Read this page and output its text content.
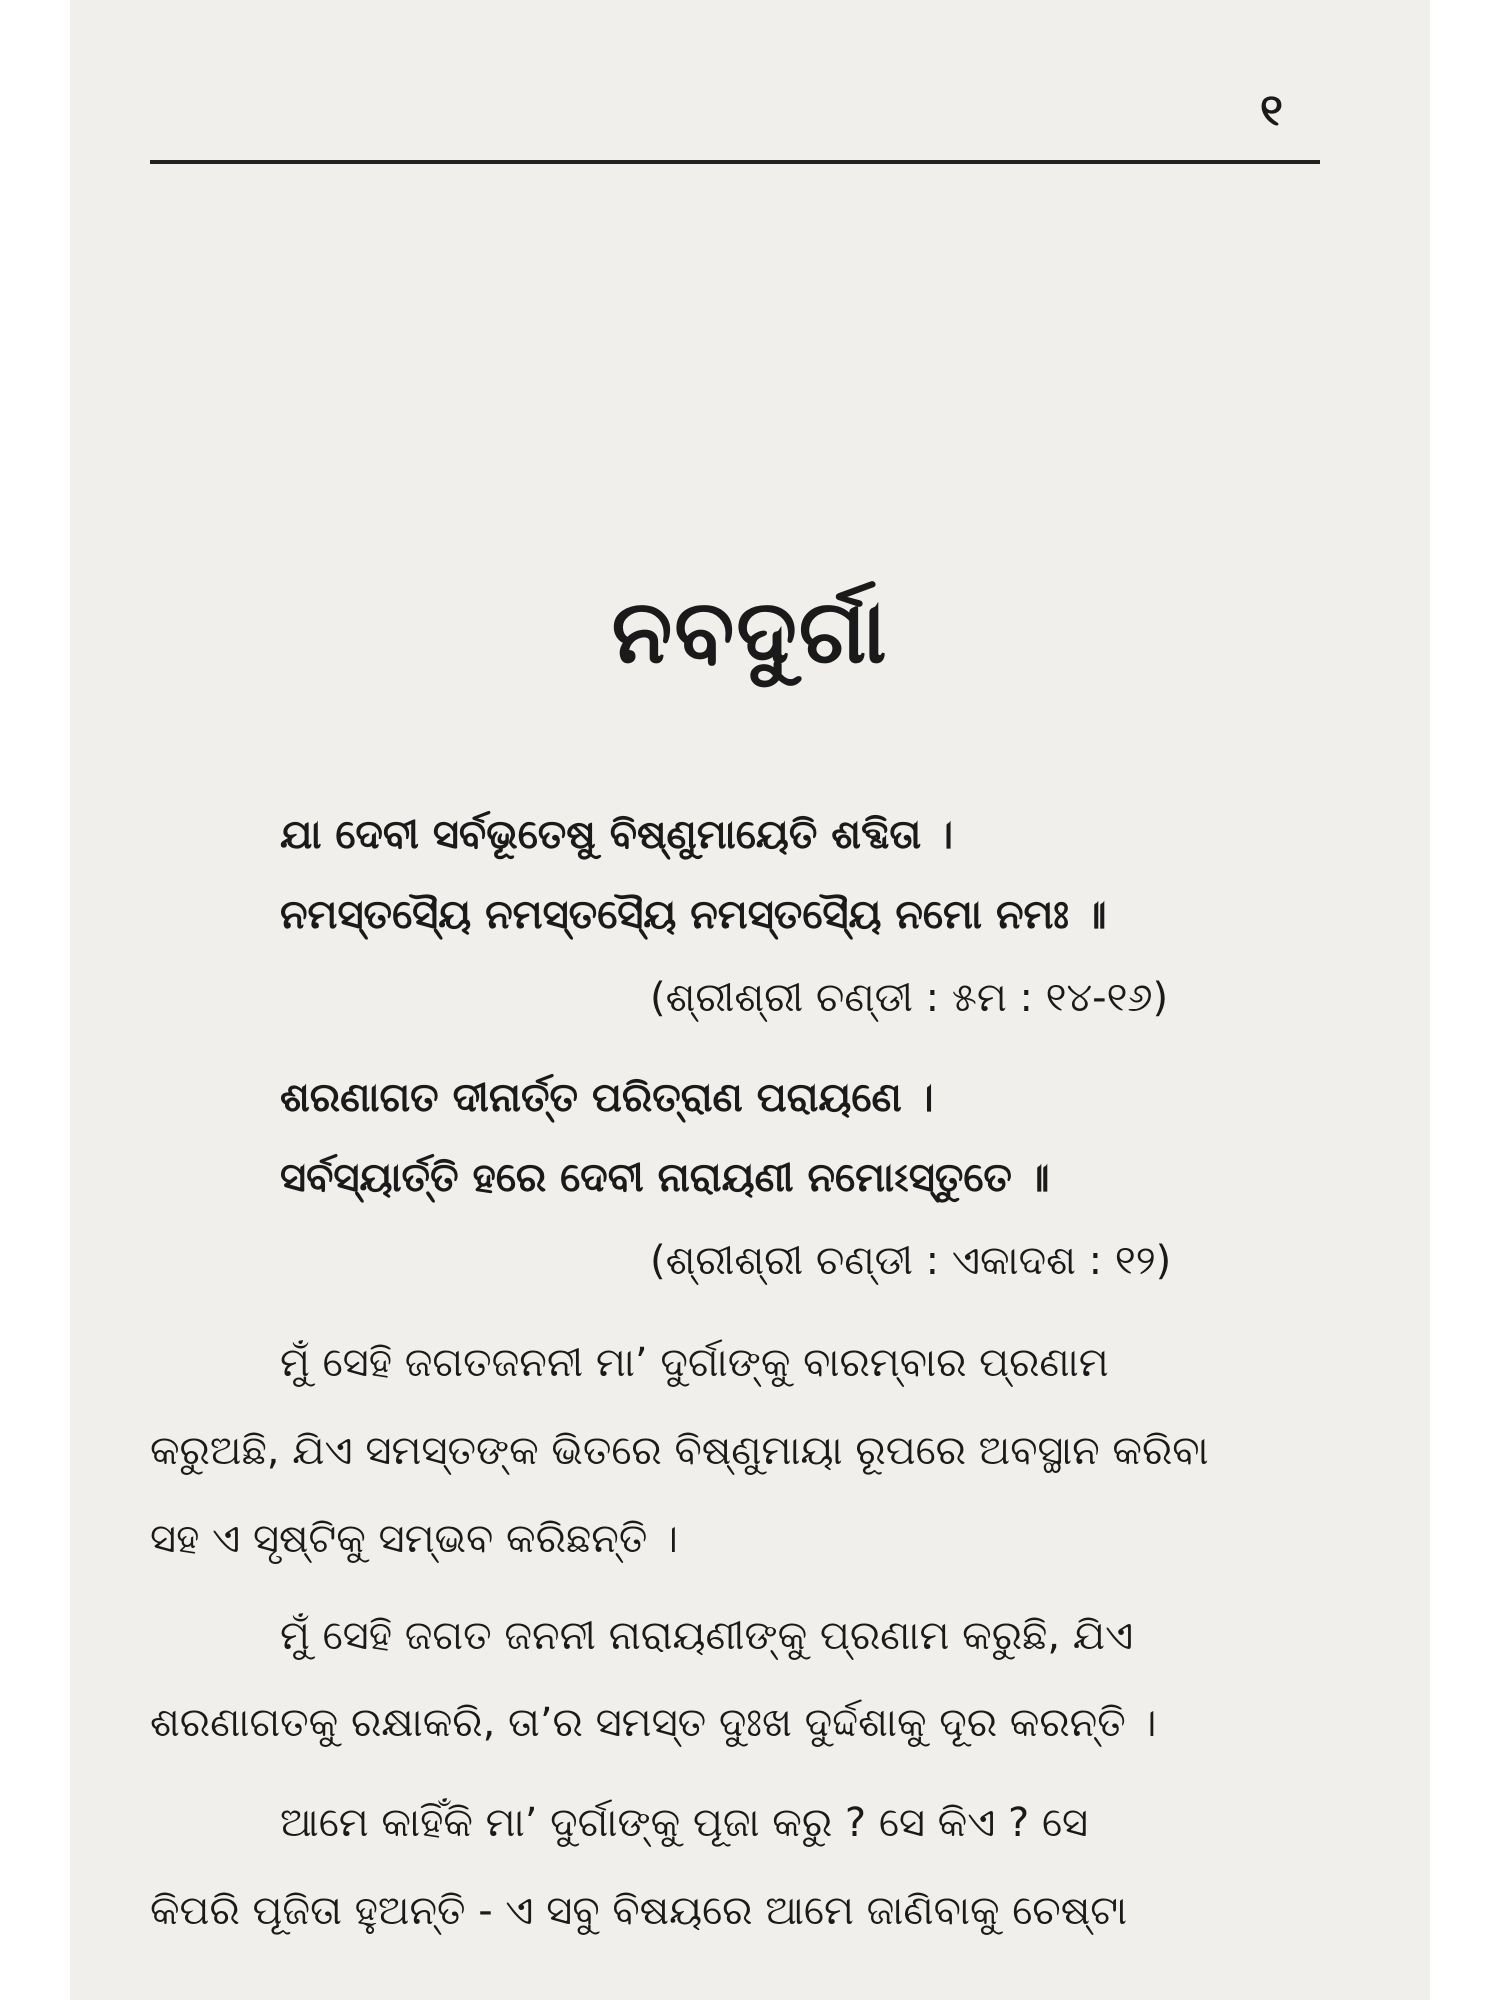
୧
ନବଦୁର୍ଗା
ଯା ଦେବୀ ସର୍ବଭୂତେଷୁ ବିଷ୍ଣୁମାୟେତି ଶବ୍ଦିତା ।
ନମସ୍ତସ୍ୟୈ ନମସ୍ତସ୍ୟୈ ନମସ୍ତସ୍ୟୈ ନମୋ ନମଃ ॥
(ଶ୍ରୀଶ୍ରୀ ଚଣ୍ଡୀ : ୫ମ : ୧୪-୧୬)
ଶରଣାଗତ ଦୀନାର୍ତ୍ତ ପରିତ୍ରାଣ ପରାୟଣେ ।
ସର୍ବସ୍ୟାର୍ତ୍ତି ହରେ ଦେବୀ ନାରାୟଣୀ ନମୋଽସ୍ତୁତେ ॥
(ଶ୍ରୀଶ୍ରୀ ଚଣ୍ଡୀ : ଏକାଦଶ : ୧୨)
ମୁଁ ସେହି ଜଗତଜନନୀ ମା’ ଦୁର୍ଗାଙ୍କୁ ବାରମ୍ବାର ପ୍ରଣାମ
କରୁଅଛି, ଯିଏ ସମସ୍ତଙ୍କ ଭିତରେ ବିଷ୍ଣୁମାୟା ରୂପରେ ଅବସ୍ଥାନ କରିବା
ସହ ଏ ସୃଷ୍ଟିକୁ ସମ୍ଭବ କରିଛନ୍ତି ।
ମୁଁ ସେହି ଜଗତ ଜନନୀ ନାରାୟଣୀଙ୍କୁ ପ୍ରଣାମ କରୁଛି, ଯିଏ
ଶରଣାଗତକୁ ରକ୍ଷାକରି, ତା’ର ସମସ୍ତ ଦୁଃଖ ଦୁର୍ଦ୍ଦଶାକୁ ଦୂର କରନ୍ତି ।
ଆମେ କାହିଁକି ମା’ ଦୁର୍ଗାଙ୍କୁ ପୂଜା କରୁ ? ସେ କିଏ ? ସେ
କିପରି ପୂଜିତା ହୁଅନ୍ତି - ଏ ସବୁ ବିଷୟରେ ଆମେ ଜାଣିବାକୁ ଚେଷ୍ଟା
